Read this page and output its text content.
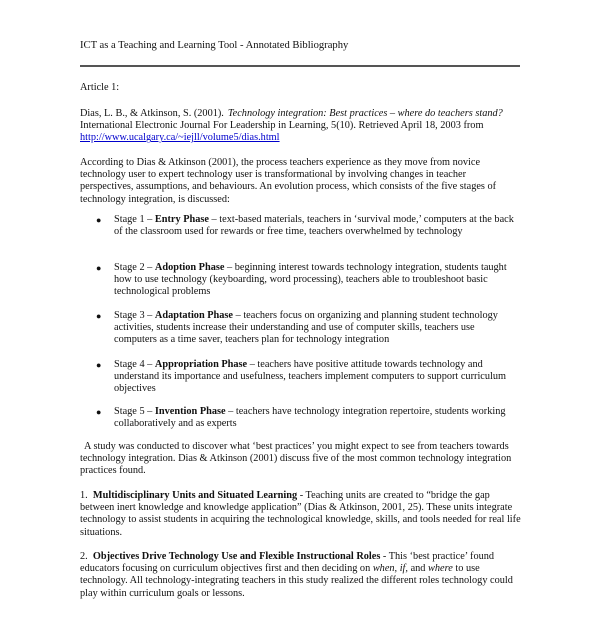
ICT as a Teaching and Learning Tool - Annotated Bibliography
Article 1:
Dias, L. B., & Atkinson, S. (2001). Technology integration: Best practices – where do teachers stand? International Electronic Journal For Leadership in Learning, 5(10). Retrieved April 18, 2003 from http://www.ucalgary.ca/~iejll/volume5/dias.html
According to Dias & Atkinson (2001), the process teachers experience as they move from novice technology user to expert technology user is transformational by involving changes in teacher perspectives, assumptions, and behaviours. An evolution process, which consists of the five stages of technology integration, is discussed:
● Stage 1 – Entry Phase – text-based materials, teachers in ‘survival mode,’ computers at the back of the classroom used for rewards or free time, teachers overwhelmed by technology
● Stage 2 – Adoption Phase – beginning interest towards technology integration, students taught how to use technology (keyboarding, word processing), teachers able to troubleshoot basic technological problems
● Stage 3 – Adaptation Phase – teachers focus on organizing and planning student technology activities, students increase their understanding and use of computer skills, teachers use computers as a time saver, teachers plan for technology integration
● Stage 4 – Appropriation Phase – teachers have positive attitude towards technology and understand its importance and usefulness, teachers implement computers to support curriculum objectives
● Stage 5 – Invention Phase – teachers have technology integration repertoire, students working collaboratively and as experts
A study was conducted to discover what ‘best practices’ you might expect to see from teachers towards technology integration. Dias & Atkinson (2001) discuss five of the most common technology integration practices found.
1. Multidisciplinary Units and Situated Learning - Teaching units are created to “bridge the gap between inert knowledge and knowledge application” (Dias & Atkinson, 2001, 25). These units integrate technology to assist students in acquiring the technological knowledge, skills, and tools needed for real life situations.
2. Objectives Drive Technology Use and Flexible Instructional Roles - This ‘best practice’ found educators focusing on curriculum objectives first and then deciding on when, if, and where to use technology. All technology-integrating teachers in this study realized the different roles technology could play within curriculum goals or lessons.
